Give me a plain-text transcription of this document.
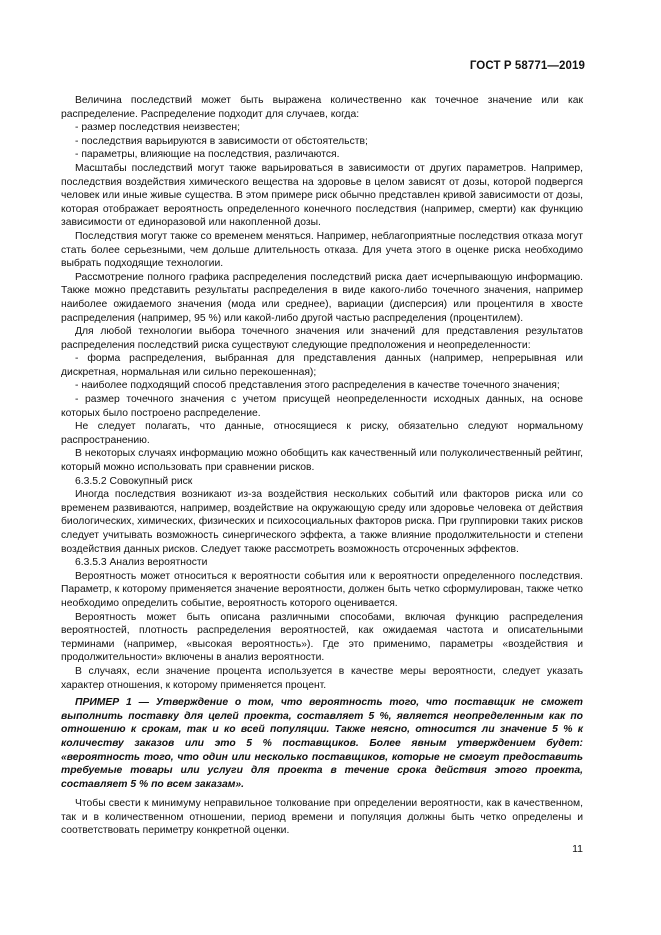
ГОСТ Р 58771—2019

Величина последствий может быть выражена количественно как точечное значение или как распределение. Распределение подходит для случаев, когда:

- размер последствия неизвестен;

- последствия варьируются в зависимости от обстоятельств;

- параметры, влияющие на последствия, различаются.

Масштабы последствий могут также варьироваться в зависимости от других параметров. Например, последствия воздействия химического вещества на здоровье в целом зависят от дозы, которой подвергся человек или иные живые существа. В этом примере риск обычно представлен кривой зависимости от дозы, которая отображает вероятность определенного конечного последствия (например, смерти) как функцию зависимости от единоразовой или накопленной дозы.

Последствия могут также со временем меняться. Например, неблагоприятные последствия отказа могут стать более серьезными, чем дольше длительность отказа. Для учета этого в оценке риска необходимо выбрать подходящие технологии.

Рассмотрение полного графика распределения последствий риска дает исчерпывающую информацию. Также можно представить результаты распределения в виде какого-либо точечного значения, например наиболее ожидаемого значения (мода или среднее), вариации (дисперсия) или процентиля в хвосте распределения (например, 95 %) или какой-либо другой частью распределения (процентилем).

Для любой технологии выбора точечного значения или значений для представления результатов распределения последствий риска существуют следующие предположения и неопределенности:

- форма распределения, выбранная для представления данных (например, непрерывная или дискретная, нормальная или сильно перекошенная);

- наиболее подходящий способ представления этого распределения в качестве точечного значения;

- размер точечного значения с учетом присущей неопределенности исходных данных, на основе которых было построено распределение.

Не следует полагать, что данные, относящиеся к риску, обязательно следуют нормальному распространению.

В некоторых случаях информацию можно обобщить как качественный или полуколичественный рейтинг, который можно использовать при сравнении рисков.

6.3.5.2 Совокупный риск

Иногда последствия возникают из-за воздействия нескольких событий или факторов риска или со временем развиваются, например, воздействие на окружающую среду или здоровье человека от действия биологических, химических, физических и психосоциальных факторов риска. При группировки таких рисков следует учитывать возможность синергического эффекта, а также влияние продолжительности и степени воздействия данных рисков. Следует также рассмотреть возможность отсроченных эффектов.

6.3.5.3 Анализ вероятности

Вероятность может относиться к вероятности события или к вероятности определенного последствия. Параметр, к которому применяется значение вероятности, должен быть четко сформулирован, также четко необходимо определить событие, вероятность которого оценивается.

Вероятность может быть описана различными способами, включая функцию распределения вероятностей, плотность распределения вероятностей, как ожидаемая частота и описательными терминами (например, «высокая вероятность»). Где это применимо, параметры «воздействия и продолжительности» включены в анализ вероятности.

В случаях, если значение процента используется в качестве меры вероятности, следует указать характер отношения, к которому применяется процент.

ПРИМЕР 1 — Утверждение о том, что вероятность того, что поставщик не сможет выполнить поставку для целей проекта, составляет 5 %, является неопределенным как по отношению к срокам, так и ко всей популяции. Также неясно, относится ли значение 5 % к количеству заказов или это 5 % поставщиков. Более явным утверждением будет: «вероятность того, что один или несколько поставщиков, которые не смогут предоставить требуемые товары или услуги для проекта в течение срока действия этого проекта, составляет 5 % по всем заказам».

Чтобы свести к минимуму неправильное толкование при определении вероятности, как в качественном, так и в количественном отношении, период времени и популяция должны быть четко определены и соответствовать периметру конкретной оценки.

11
